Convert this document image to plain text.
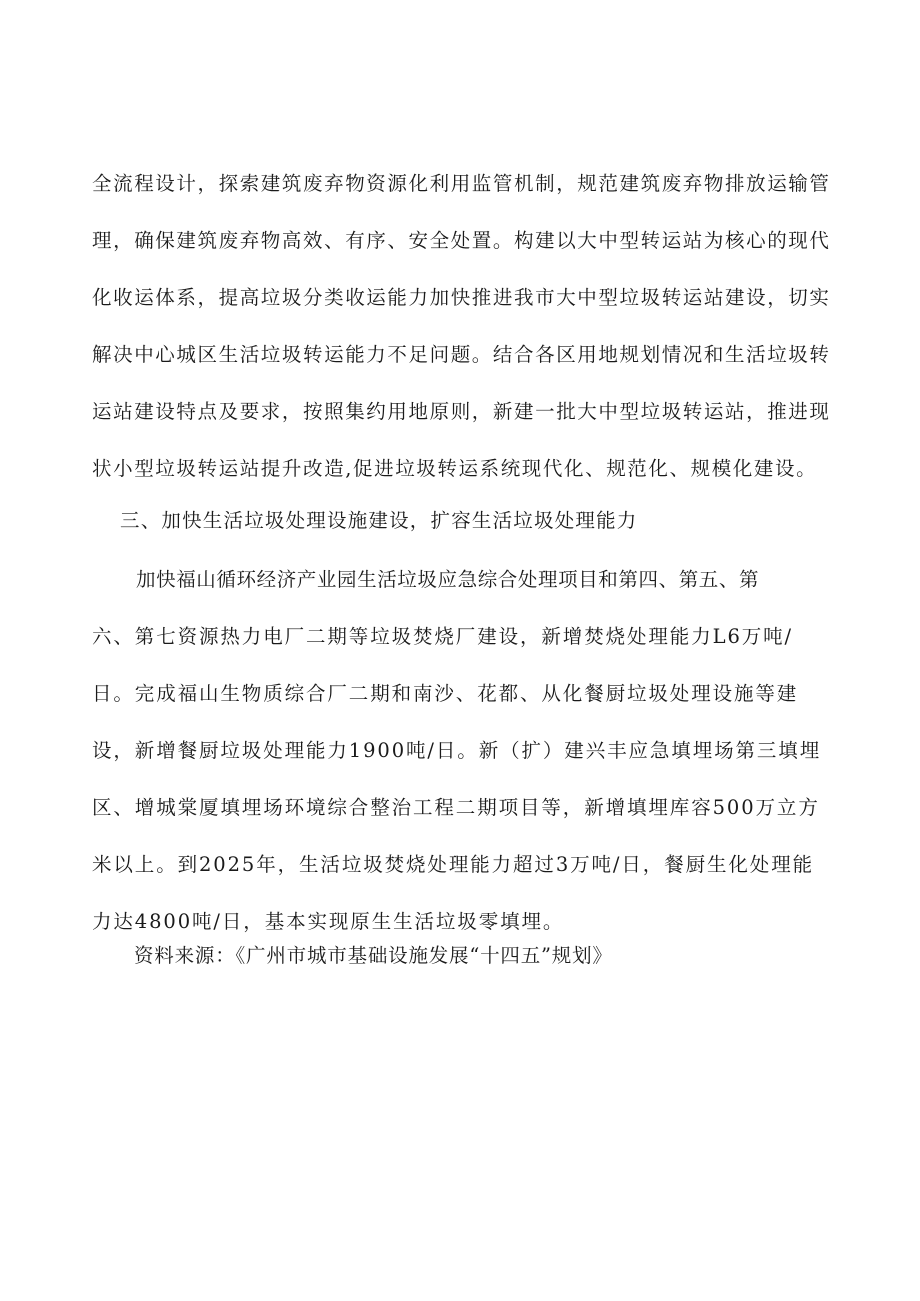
全流程设计，探索建筑废弃物资源化利用监管机制，规范建筑废弃物排放运输管
理，确保建筑废弃物高效、有序、安全处置。构建以大中型转运站为核心的现代
化收运体系，提高垃圾分类收运能力加快推进我市大中型垃圾转运站建设，切实
解决中心城区生活垃圾转运能力不足问题。结合各区用地规划情况和生活垃圾转
运站建设特点及要求，按照集约用地原则，新建一批大中型垃圾转运站，推进现
状小型垃圾转运站提升改造,促进垃圾转运系统现代化、规范化、规模化建设。
三、加快生活垃圾处理设施建设，扩容生活垃圾处理能力
加快福山循环经济产业园生活垃圾应急综合处理项目和第四、第五、第
六、第七资源热力电厂二期等垃圾焚烧厂建设，新增焚烧处理能力L6万吨/
日。完成福山生物质综合厂二期和南沙、花都、从化餐厨垃圾处理设施等建
设，新增餐厨垃圾处理能力1900吨/日。新（扩）建兴丰应急填埋场第三填埋
区、增城棠厦填埋场环境综合整治工程二期项目等，新增填埋库容500万立方
米以上。到2025年，生活垃圾焚烧处理能力超过3万吨/日，餐厨生化处理能
力达4800吨/日，基本实现原生生活垃圾零填埋。
资料来源：《广州市城市基础设施发展“十四五”规划》
